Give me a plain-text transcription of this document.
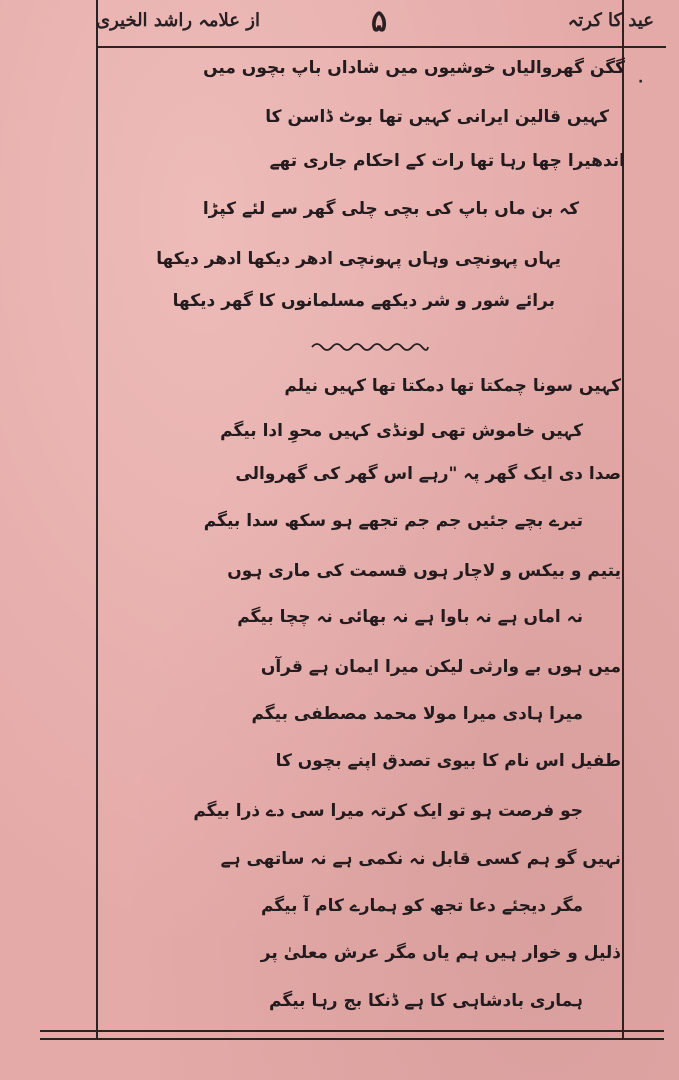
عید کا کرتہ
۵
از علامہ راشد الخیری
·
گگن گھروالیاں خوشیوں میں شاداں باپ بچوں میں
کہیں قالین ایرانی کہیں تھا بوٹ ڈاسن کا
اندھیرا چھا رہا تھا رات کے احکام جاری تھے
کہ بن ماں باپ کی بچی چلی گھر سے لئے کپڑا
یہاں پہونچی وہاں پہونچی ادھر دیکھا ادھر دیکھا
برائے شور و شر دیکھے مسلمانوں کا گھر دیکھا
کہیں سونا چمکتا تھا دمکتا تھا کہیں نیلم
کہیں خاموش تھی لونڈی کہیں محوِ ادا بیگم
صدا دی ایک گھر پہ "رہے اس گھر کی گھروالی
تیرے بچے جئیں جم جم تجھے ہو سکھ سدا بیگم
یتیم و بیکس و لاچار ہوں قسمت کی ماری ہوں
نہ اماں ہے نہ باوا ہے نہ بھائی نہ چچا بیگم
میں ہوں بے وارثی لیکن میرا ایمان ہے قرآں
میرا ہادی میرا مولا محمد مصطفی بیگم
طفیل اس نام کا بیوی تصدق اپنے بچوں کا
جو فرصت ہو تو ایک کرتہ میرا سی دے ذرا بیگم
نہیں گو ہم کسی قابل نہ نکمی ہے نہ ساتھی ہے
مگر دیجئے دعا تجھ کو ہمارے کام آ بیگم
ذلیل و خوار ہیں ہم یاں مگر عرش معلیٰ پر
ہماری بادشاہی کا ہے ڈنکا بج رہا بیگم
